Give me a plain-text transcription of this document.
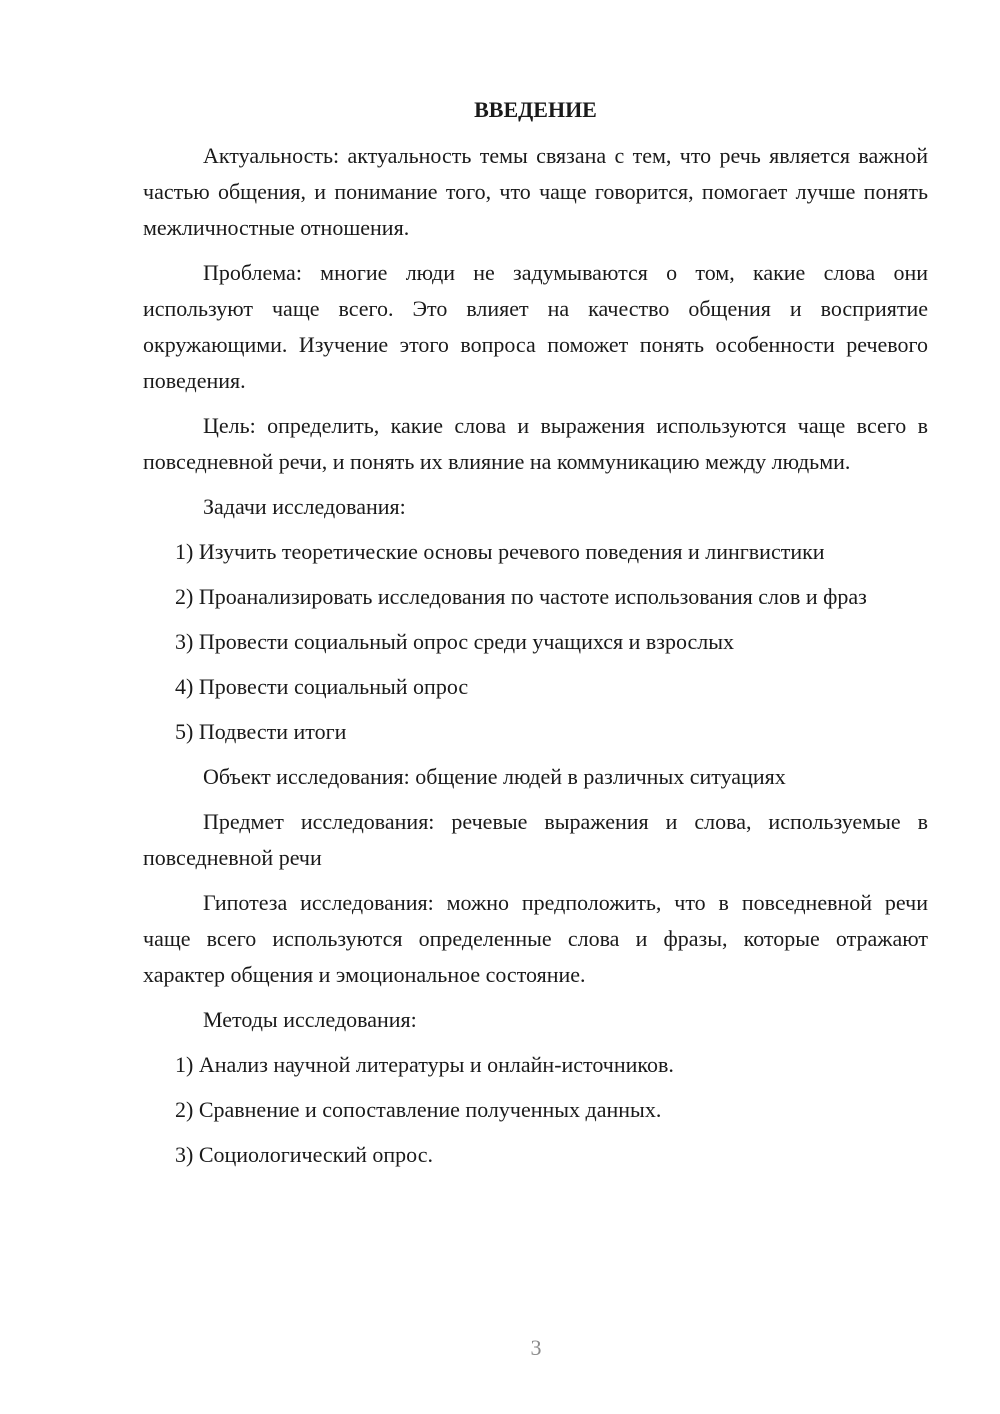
ВВЕДЕНИЕ

Актуальность: актуальность темы связана с тем, что речь является важной частью общения, и понимание того, что чаще говорится, помогает лучше понять межличностные отношения.

Проблема: многие люди не задумываются о том, какие слова они используют чаще всего. Это влияет на качество общения и восприятие окружающими. Изучение этого вопроса поможет понять особенности речевого поведения.

Цель: определить, какие слова и выражения используются чаще всего в повседневной речи, и понять их влияние на коммуникацию между людьми.

Задачи исследования:

1) Изучить теоретические основы речевого поведения и лингвистики

2) Проанализировать исследования по частоте использования слов и фраз

3) Провести социальный опрос среди учащихся и взрослых

4) Провести социальный опрос

5) Подвести итоги

Объект исследования: общение людей в различных ситуациях

Предмет исследования: речевые выражения и слова, используемые в повседневной речи

Гипотеза исследования: можно предположить, что в повседневной речи чаще всего используются определенные слова и фразы, которые отражают характер общения и эмоциональное состояние.

Методы исследования:

1) Анализ научной литературы и онлайн-источников.

2) Сравнение и сопоставление полученных данных.

3) Социологический опрос.

3
